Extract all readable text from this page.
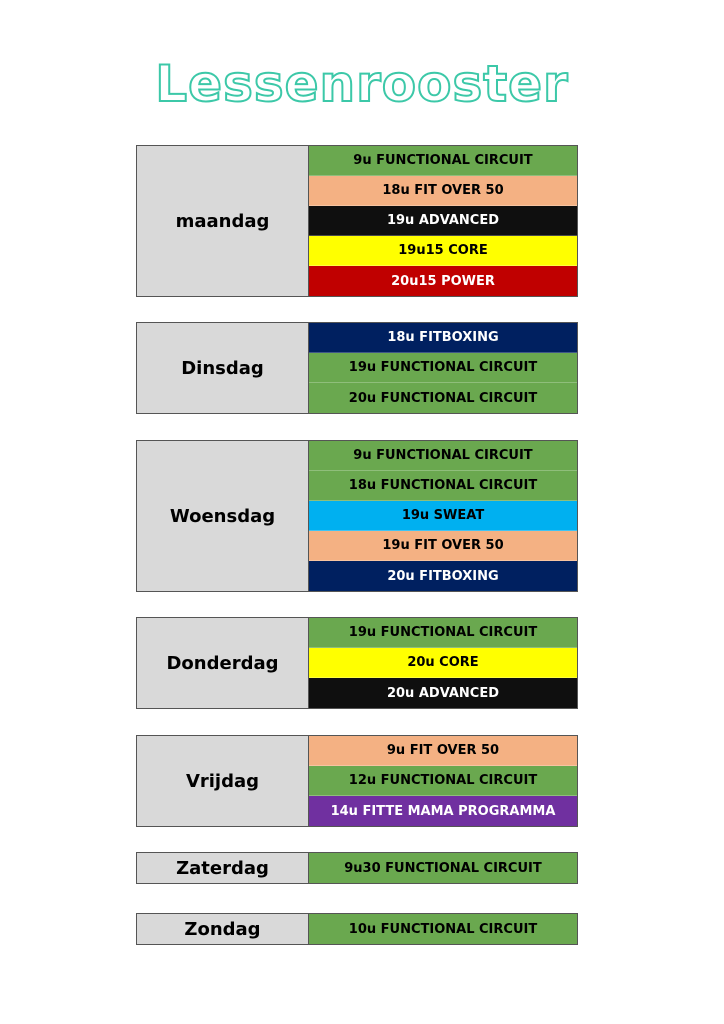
Lessenrooster
maandag
9u FUNCTIONAL CIRCUIT
18u FIT OVER 50
19u ADVANCED
19u15 CORE
20u15 POWER
Dinsdag
18u FITBOXING
19u FUNCTIONAL CIRCUIT
20u FUNCTIONAL CIRCUIT
Woensdag
9u FUNCTIONAL CIRCUIT
18u FUNCTIONAL CIRCUIT
19u SWEAT
19u FIT OVER 50
20u FITBOXING
Donderdag
19u FUNCTIONAL CIRCUIT
20u CORE
20u ADVANCED
Vrijdag
9u FIT OVER 50
12u FUNCTIONAL CIRCUIT
14u FITTE MAMA PROGRAMMA
Zaterdag	9u30 FUNCTIONAL CIRCUIT
Zondag	10u FUNCTIONAL CIRCUIT
